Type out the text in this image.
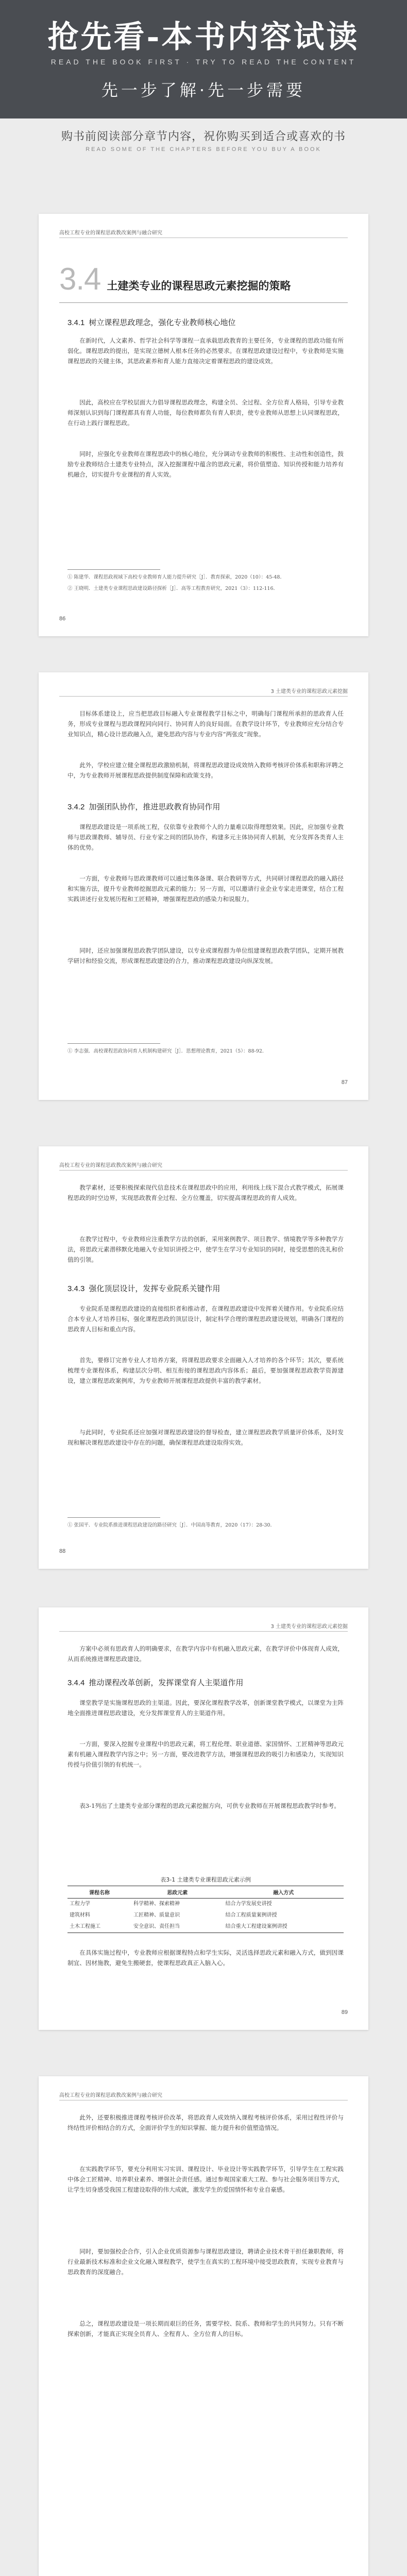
抢先看-本书内容试读
READ THE BOOK FIRST · TRY TO READ THE CONTENT
先一步了解·先一步需要
购书前阅读部分章节内容，祝你购买到适合或喜欢的书
READ SOME OF THE CHAPTERS BEFORE YOU BUY A BOOK
高校工程专业的课程思政教改案例与融合研究
3.4 土建类专业的课程思政元素挖掘的策略
3.4.1 树立课程思政理念，强化专业教师核心地位

在新时代，人文素养、哲学社会科学等课程一直承载思政教育的主要任务，专业课程的思政功能有所弱化。课程思政的提出，是实现立德树人根本任务的必然要求。在课程思政建设过程中，专业教师是实施课程思政的关键主体，其思政素养和育人能力直接决定着课程思政的建设成效。

因此，高校应在学校层面大力倡导课程思政理念，构建全员、全过程、全方位育人格局，引导专业教师深刻认识到每门课程都具有育人功能，每位教师都负有育人职责，使专业教师从思想上认同课程思政，在行动上践行课程思政。

同时，应强化专业教师在课程思政中的核心地位，充分调动专业教师的积极性、主动性和创造性，鼓励专业教师结合土建类专业特点，深入挖掘课程中蕴含的思政元素，将价值塑造、知识传授和能力培养有机融合，切实提升专业课程的育人实效。

① 陈建华．课程思政视域下高校专业教师育人能力提升研究［J］．教育探索，2020（10）：45-48．

② 王晓明．土建类专业课程思政建设路径探析［J］．高等工程教育研究，2021（3）：112-116．

86
3 土建类专业的课程思政元素挖掘

目标体系建设上，应当把思政目标融入专业课程教学目标之中，明确每门课程所承担的思政育人任务，形成专业课程与思政课程同向同行、协同育人的良好局面。在教学设计环节，专业教师应充分结合专业知识点，精心设计思政融入点，避免思政内容与专业内容“两张皮”现象。

此外，学校应建立健全课程思政激励机制，将课程思政建设成效纳入教师考核评价体系和职称评聘之中，为专业教师开展课程思政提供制度保障和政策支持。

3.4.2 加强团队协作，推进思政教育协同作用

课程思政建设是一项系统工程，仅依靠专业教师个人的力量难以取得理想效果。因此，应加强专业教师与思政课教师、辅导员、行业专家之间的团队协作，构建多元主体协同育人机制，充分发挥各类育人主体的优势。

一方面，专业教师与思政课教师可以通过集体备课、联合教研等方式，共同研讨课程思政的融入路径和实施方法，提升专业教师挖掘思政元素的能力；另一方面，可以邀请行业企业专家走进课堂，结合工程实践讲述行业发展历程和工匠精神，增强课程思政的感染力和说服力。

同时，还应加强课程思政教学团队建设，以专业或课程群为单位组建课程思政教学团队，定期开展教学研讨和经验交流，形成课程思政建设的合力，推动课程思政建设向纵深发展。

① 李志强．高校课程思政协同育人机制构建研究［J］．思想理论教育，2021（5）：88-92．

87
高校工程专业的课程思政教改案例与融合研究

教学素材，还要积极探索现代信息技术在课程思政中的应用，利用线上线下混合式教学模式，拓展课程思政的时空边界，实现思政教育全过程、全方位覆盖，切实提高课程思政的育人成效。

在教学过程中，专业教师应注重教学方法的创新，采用案例教学、项目教学、情境教学等多种教学方法，将思政元素潜移默化地融入专业知识讲授之中，使学生在学习专业知识的同时，接受思想的洗礼和价值的引领。

3.4.3 强化顶层设计，发挥专业院系关键作用

专业院系是课程思政建设的直接组织者和推动者，在课程思政建设中发挥着关键作用。专业院系应结合本专业人才培养目标，强化课程思政的顶层设计，制定科学合理的课程思政建设规划，明确各门课程的思政育人目标和重点内容。

首先，要修订完善专业人才培养方案，将课程思政要求全面融入人才培养的各个环节；其次，要系统梳理专业课程体系，构建层次分明、相互衔接的课程思政内容体系；最后，要加强课程思政教学资源建设，建立课程思政案例库，为专业教师开展课程思政提供丰富的教学素材。

与此同时，专业院系还应加强对课程思政建设的督导检查，建立课程思政教学质量评价体系，及时发现和解决课程思政建设中存在的问题，确保课程思政建设取得实效。

① 张国平．专业院系推进课程思政建设的路径研究［J］．中国高等教育，2020（17）：28-30．

88
3 土建类专业的课程思政元素挖掘

方案中必须有思政育人的明确要求，在教学内容中有机融入思政元素，在教学评价中体现育人成效，从而系统推进课程思政建设。

3.4.4 推动课程改革创新，发挥课堂育人主渠道作用

课堂教学是实施课程思政的主渠道。因此，要深化课程教学改革，创新课堂教学模式，以课堂为主阵地全面推进课程思政建设，充分发挥课堂育人的主渠道作用。

一方面，要深入挖掘专业课程中的思政元素，将工程伦理、职业道德、家国情怀、工匠精神等思政元素有机融入课程教学内容之中；另一方面，要改进教学方法，增强课程思政的吸引力和感染力，实现知识传授与价值引领的有机统一。

表3-1列出了土建类专业部分课程的思政元素挖掘方向，可供专业教师在开展课程思政教学时参考。

表3-1 土建类专业课程思政元素示例
课程名称	思政元素	融入方式
工程力学	科学精神、探索精神	结合力学发展史讲授
建筑材料	工匠精神、质量意识	结合工程质量案例讲授
土木工程施工	安全意识、责任担当	结合重大工程建设案例讲授

在具体实施过程中，专业教师应根据课程特点和学生实际，灵活选择思政元素和融入方式，做到因课制宜、因材施教，避免生搬硬套，使课程思政真正入脑入心。

89
高校工程专业的课程思政教改案例与融合研究

此外，还要积极推进课程考核评价改革，将思政育人成效纳入课程考核评价体系，采用过程性评价与终结性评价相结合的方式，全面评价学生的知识掌握、能力提升和价值塑造情况。

在实践教学环节，要充分利用实习实训、课程设计、毕业设计等实践教学环节，引导学生在工程实践中体会工匠精神、培养职业素养、增强社会责任感。通过参观国家重大工程、参与社会服务项目等方式，让学生切身感受我国工程建设取得的伟大成就，激发学生的爱国情怀和专业自豪感。

同时，要加强校企合作，引入企业优质资源参与课程思政建设，聘请企业技术骨干担任兼职教师，将行业最新技术标准和企业文化融入课程教学，使学生在真实的工程环境中接受思政教育，实现专业教育与思政教育的深度融合。

总之，课程思政建设是一项长期而艰巨的任务，需要学校、院系、教师和学生的共同努力。只有不断探索创新，才能真正实现全员育人、全程育人、全方位育人的目标。
